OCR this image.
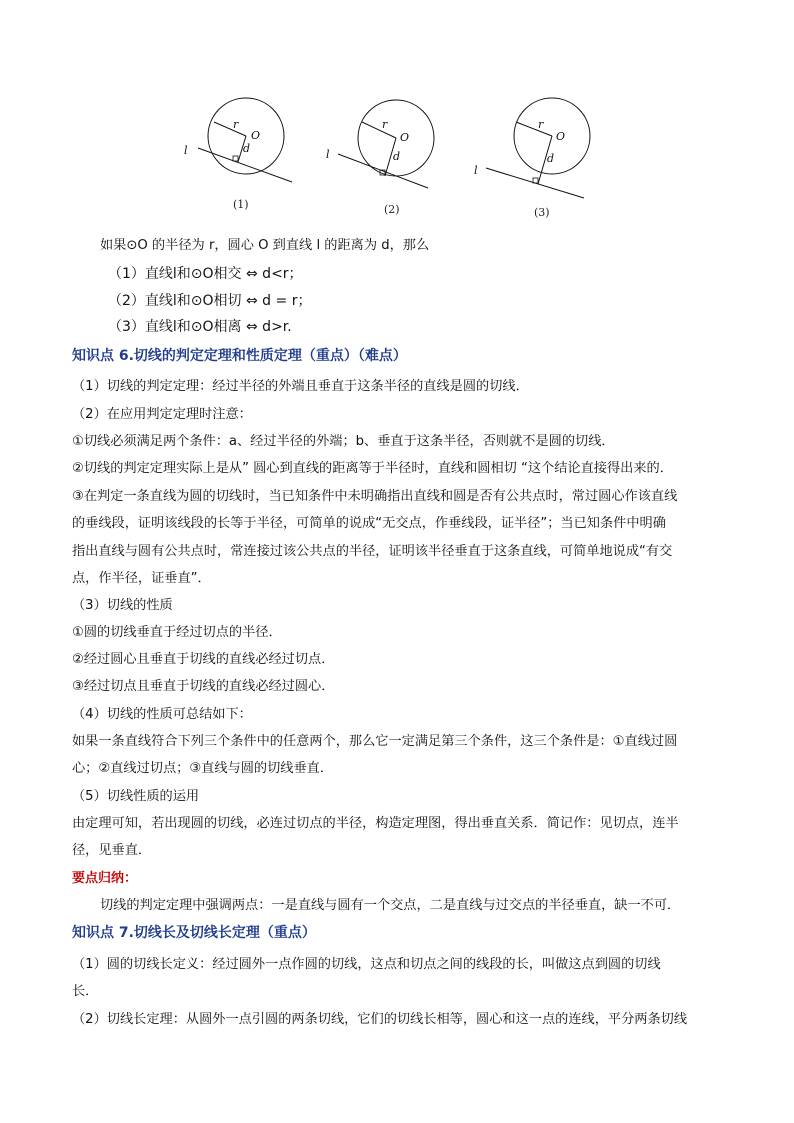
r
O
d
l
(1)
r
O
d
l
(2)
r
O
d
l
(3)
如果⊙O 的半径为 r，圆心 O 到直线 l 的距离为 d，那么
（1）直线l和⊙O相交 ⇔ d<r；
（2）直线l和⊙O相切 ⇔ d = r；
（3）直线l和⊙O相离 ⇔ d>r.
知识点 6.切线的判定定理和性质定理（重点）（难点）
（1）切线的判定定理：经过半径的外端且垂直于这条半径的直线是圆的切线．
（2）在应用判定定理时注意：
①切线必须满足两个条件：a、经过半径的外端；b、垂直于这条半径，否则就不是圆的切线．
②切线的判定定理实际上是从” 圆心到直线的距离等于半径时，直线和圆相切 “这个结论直接得出来的．
③在判定一条直线为圆的切线时，当已知条件中未明确指出直线和圆是否有公共点时，常过圆心作该直线
的垂线段，证明该线段的长等于半径，可简单的说成“无交点，作垂线段，证半径”；当已知条件中明确
指出直线与圆有公共点时，常连接过该公共点的半径，证明该半径垂直于这条直线，可简单地说成“有交
点，作半径，证垂直”．
（3）切线的性质
①圆的切线垂直于经过切点的半径．
②经过圆心且垂直于切线的直线必经过切点．
③经过切点且垂直于切线的直线必经过圆心．
（4）切线的性质可总结如下：
如果一条直线符合下列三个条件中的任意两个，那么它一定满足第三个条件，这三个条件是：①直线过圆
心；②直线过切点；③直线与圆的切线垂直．
（5）切线性质的运用
由定理可知，若出现圆的切线，必连过切点的半径，构造定理图，得出垂直关系．简记作：见切点，连半
径，见垂直．
要点归纳：
切线的判定定理中强调两点：一是直线与圆有一个交点，二是直线与过交点的半径垂直，缺一不可．
知识点 7.切线长及切线长定理（重点）
（1）圆的切线长定义：经过圆外一点作圆的切线，这点和切点之间的线段的长，叫做这点到圆的切线
长．
（2）切线长定理：从圆外一点引圆的两条切线，它们的切线长相等，圆心和这一点的连线，平分两条切线
